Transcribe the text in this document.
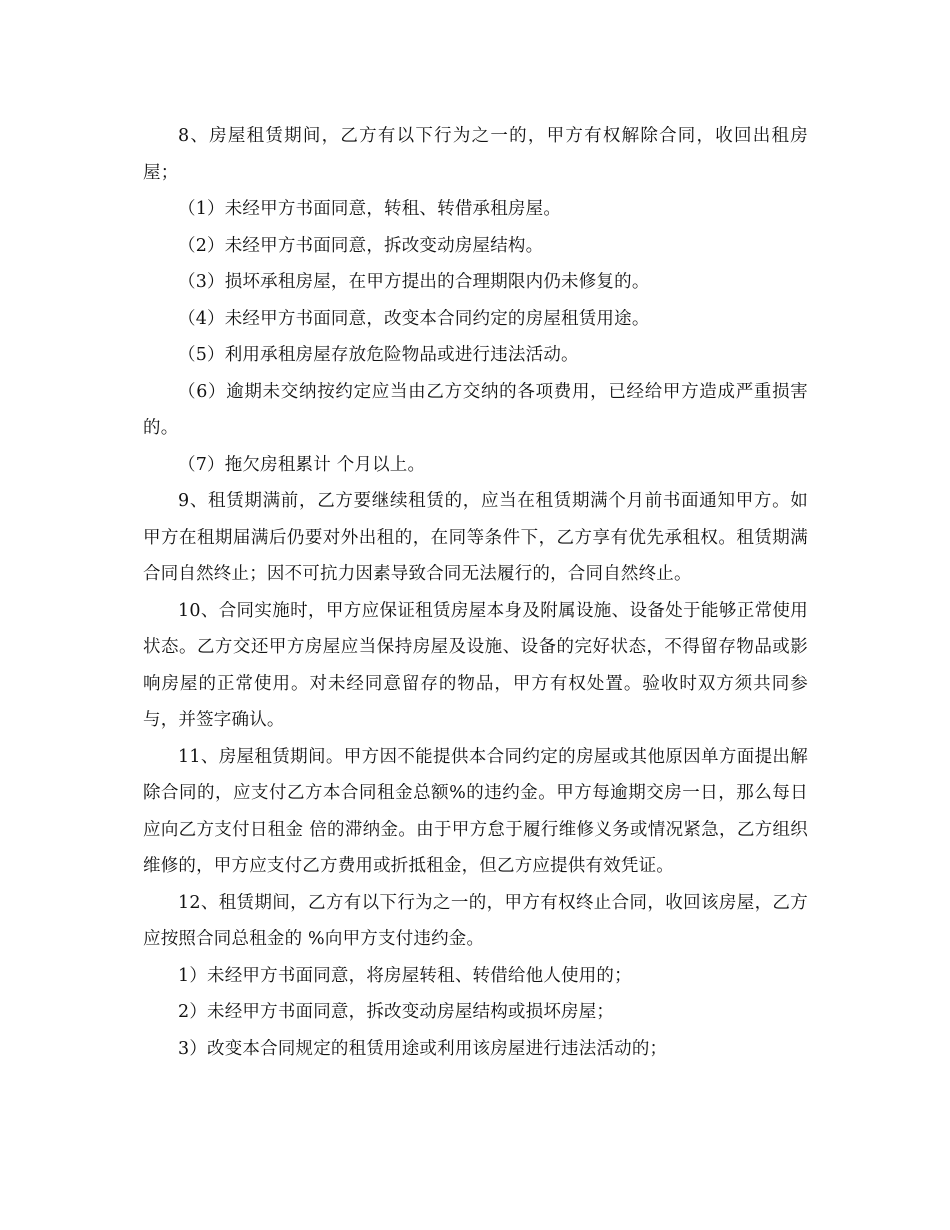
8、房屋租赁期间，乙方有以下行为之一的，甲方有权解除合同，收回出租房屋；

（1）未经甲方书面同意，转租、转借承租房屋。

（2）未经甲方书面同意，拆改变动房屋结构。

（3）损坏承租房屋，在甲方提出的合理期限内仍未修复的。

（4）未经甲方书面同意，改变本合同约定的房屋租赁用途。

（5）利用承租房屋存放危险物品或进行违法活动。

（6）逾期未交纳按约定应当由乙方交纳的各项费用，已经给甲方造成严重损害的。

（7）拖欠房租累计 个月以上。

9、租赁期满前，乙方要继续租赁的，应当在租赁期满个月前书面通知甲方。如甲方在租期届满后仍要对外出租的，在同等条件下，乙方享有优先承租权。租赁期满合同自然终止；因不可抗力因素导致合同无法履行的，合同自然终止。

10、合同实施时，甲方应保证租赁房屋本身及附属设施、设备处于能够正常使用状态。乙方交还甲方房屋应当保持房屋及设施、设备的完好状态，不得留存物品或影响房屋的正常使用。对未经同意留存的物品，甲方有权处置。验收时双方须共同参与，并签字确认。

11、房屋租赁期间。甲方因不能提供本合同约定的房屋或其他原因单方面提出解除合同的，应支付乙方本合同租金总额%的违约金。甲方每逾期交房一日，那么每日应向乙方支付日租金 倍的滞纳金。由于甲方怠于履行维修义务或情况紧急，乙方组织维修的，甲方应支付乙方费用或折抵租金，但乙方应提供有效凭证。

12、租赁期间，乙方有以下行为之一的，甲方有权终止合同，收回该房屋，乙方应按照合同总租金的 %向甲方支付违约金。

1）未经甲方书面同意，将房屋转租、转借给他人使用的；

2）未经甲方书面同意，拆改变动房屋结构或损坏房屋；

3）改变本合同规定的租赁用途或利用该房屋进行违法活动的；
